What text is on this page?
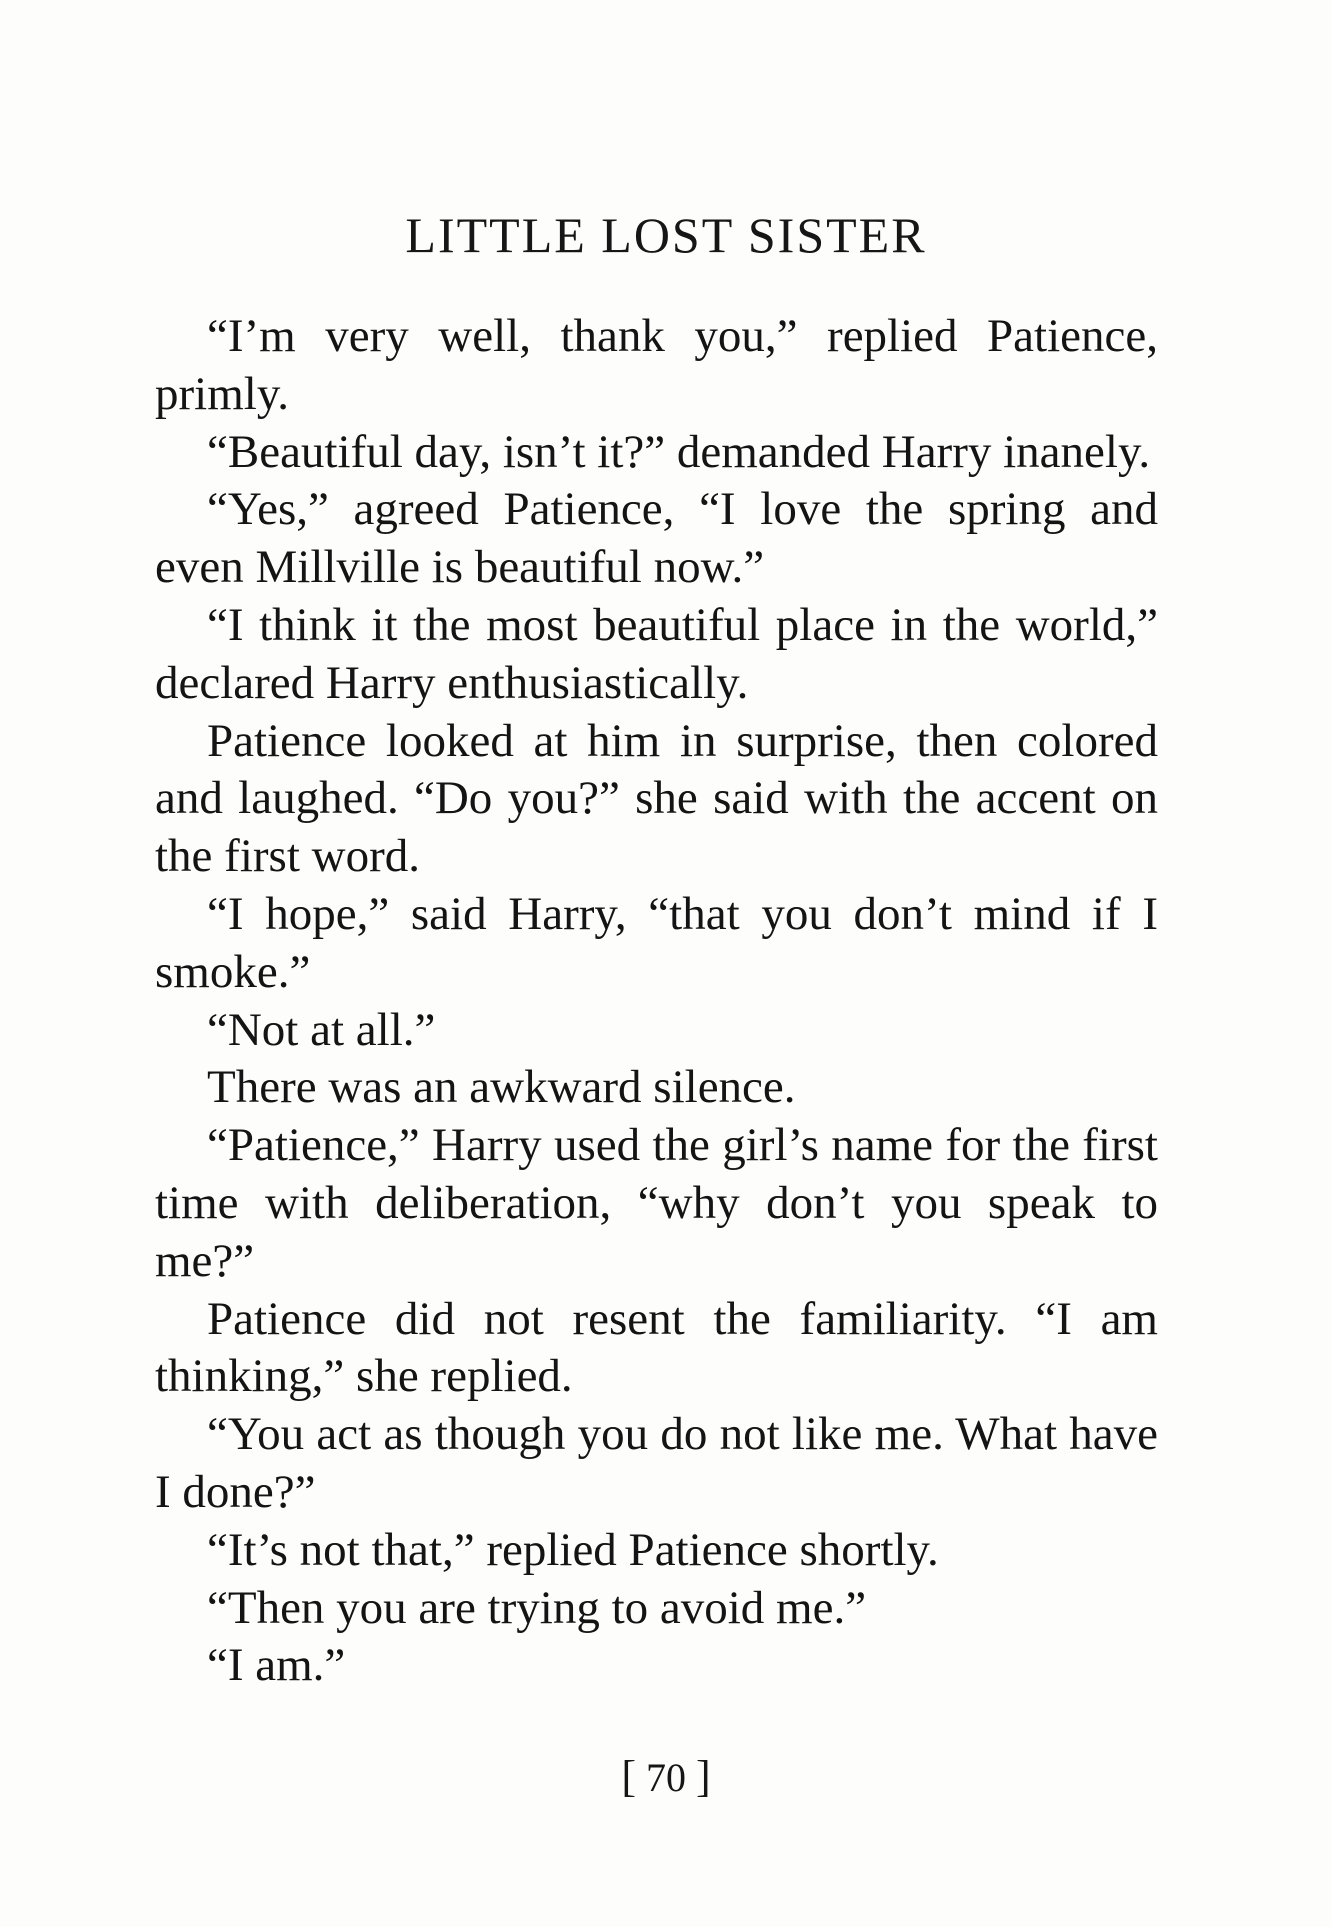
LITTLE LOST SISTER

“I’m very well, thank you,” replied Patience, primly.

“Beautiful day, isn’t it?” demanded Harry inanely.

“Yes,” agreed Patience, “I love the spring and even Millville is beautiful now.”

“I think it the most beautiful place in the world,” declared Harry enthusiastically.

Patience looked at him in surprise, then colored and laughed. “Do you?” she said with the accent on the first word.

“I hope,” said Harry, “that you don’t mind if I smoke.”

“Not at all.”

There was an awkward silence.

“Patience,” Harry used the girl’s name for the first time with deliberation, “why don’t you speak to me?”

Patience did not resent the familiarity. “I am thinking,” she replied.

“You act as though you do not like me. What have I done?”

“It’s not that,” replied Patience shortly.

“Then you are trying to avoid me.”

“I am.”

[ 70 ]
